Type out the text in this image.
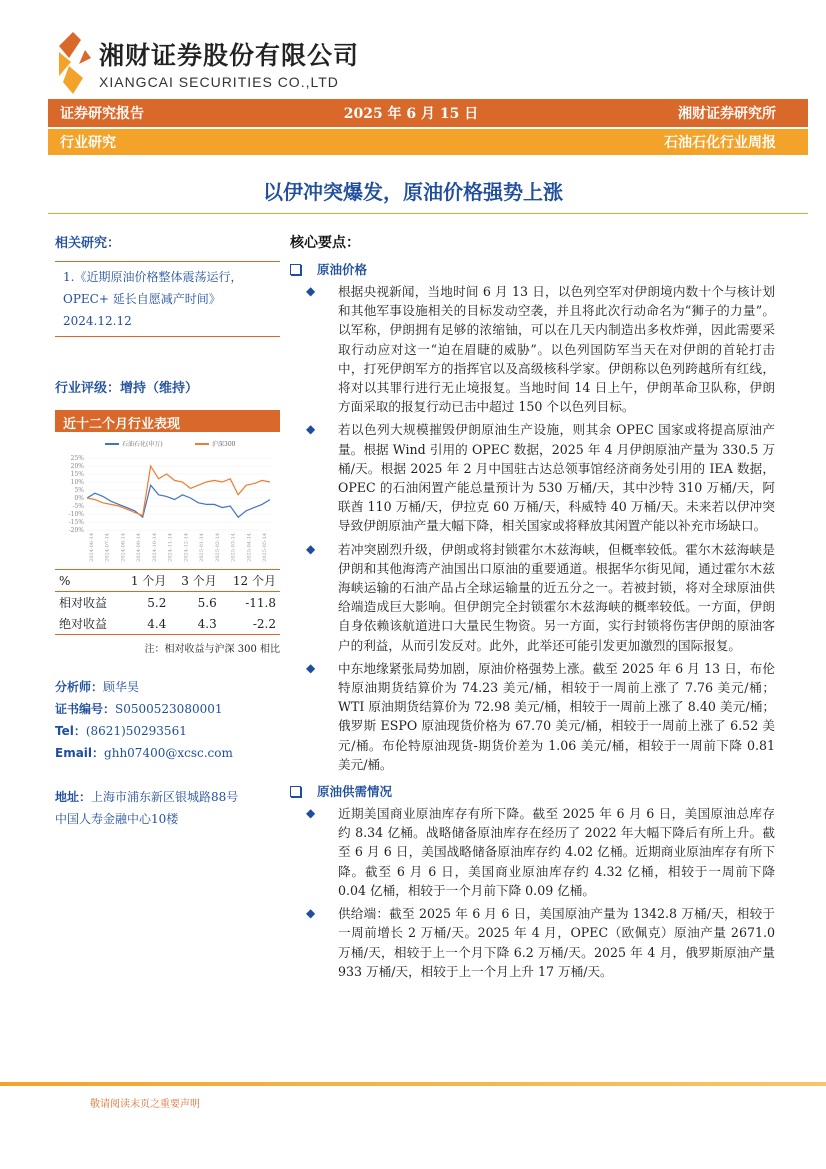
湘财证券股份有限公司
XIANGCAI SECURITIES CO.,LTD
证券研究报告	2025 年 6 月 15 日	湘财证券研究所
行业研究	石油石化行业周报
以伊冲突爆发，原油价格强势上涨
相关研究：
1.《近期原油价格整体震荡运行，OPEC+ 延长自愿减产时间》
2024.12.12
行业评级：增持（维持）
近十二个月行业表现
25%
20%
15%
10%
5%
0%
-5%
-10%
-15%
-20%
石油石化(申万)	沪深300
2024-06-14 2024-07-14 2024-08-14 2024-09-14 2024-10-14 2024-11-14 2024-12-14 2025-01-14 2025-02-14 2025-03-14 2025-04-14 2025-05-14
%	1 个月	3 个月	12 个月
相对收益	5.2	5.6	-11.8
绝对收益	4.4	4.3	-2.2
注：相对收益与沪深 300 相比
分析师：顾华昊
证书编号：S0500523080001
Tel：(8621)50293561
Email：ghh07400@xcsc.com
地址：上海市浦东新区银城路88号
中国人寿金融中心10楼
核心要点：
原油价格
◆	根据央视新闻，当地时间 6 月 13 日，以色列空军对伊朗境内数十个与核计划和其他军事设施相关的目标发动空袭，并且将此次行动命名为“狮子的力量”。以军称，伊朗拥有足够的浓缩铀，可以在几天内制造出多枚炸弹，因此需要采取行动应对这一“迫在眉睫的威胁”。以色列国防军当天在对伊朗的首轮打击中，打死伊朗军方的指挥官以及高级核科学家。伊朗称以色列跨越所有红线，将对以其罪行进行无止境报复。当地时间 14 日上午，伊朗革命卫队称，伊朗方面采取的报复行动已击中超过 150 个以色列目标。
◆	若以色列大规模摧毁伊朗原油生产设施，则其余 OPEC 国家或将提高原油产量。根据 Wind 引用的 OPEC 数据，2025 年 4 月伊朗原油产量为 330.5 万桶/天。根据 2025 年 2 月中国驻古达总领事馆经济商务处引用的 IEA 数据，OPEC 的石油闲置产能总量预计为 530 万桶/天，其中沙特 310 万桶/天，阿联酋 110 万桶/天，伊拉克 60 万桶/天，科威特 40 万桶/天。未来若以伊冲突导致伊朗原油产量大幅下降，相关国家或将释放其闲置产能以补充市场缺口。
◆	若冲突剧烈升级，伊朗或将封锁霍尔木兹海峡，但概率较低。霍尔木兹海峡是伊朗和其他海湾产油国出口原油的重要通道。根据华尔街见闻，通过霍尔木兹海峡运输的石油产品占全球运输量的近五分之一。若被封锁，将对全球原油供给端造成巨大影响。但伊朗完全封锁霍尔木兹海峡的概率较低。一方面，伊朗自身依赖该航道进口大量民生物资。另一方面，实行封锁将伤害伊朗的原油客户的利益，从而引发反对。此外，此举还可能引发更加激烈的国际报复。
◆	中东地缘紧张局势加剧，原油价格强势上涨。截至 2025 年 6 月 13 日，布伦特原油期货结算价为 74.23 美元/桶，相较于一周前上涨了 7.76 美元/桶；WTI 原油期货结算价为 72.98 美元/桶，相较于一周前上涨了 8.40 美元/桶；俄罗斯 ESPO 原油现货价格为 67.70 美元/桶，相较于一周前上涨了 6.52 美元/桶。布伦特原油现货-期货价差为 1.06 美元/桶，相较于一周前下降 0.81 美元/桶。
原油供需情况
◆	近期美国商业原油库存有所下降。截至 2025 年 6 月 6 日，美国原油总库存约 8.34 亿桶。战略储备原油库存在经历了 2022 年大幅下降后有所上升。截至 6 月 6 日，美国战略储备原油库存约 4.02 亿桶。近期商业原油库存有所下降。截至 6 月 6 日，美国商业原油库存约 4.32 亿桶，相较于一周前下降 0.04 亿桶，相较于一个月前下降 0.09 亿桶。
◆	供给端：截至 2025 年 6 月 6 日，美国原油产量为 1342.8 万桶/天，相较于一周前增长 2 万桶/天。2025 年 4 月，OPEC（欧佩克）原油产量 2671.0 万桶/天，相较于上一个月下降 6.2 万桶/天。2025 年 4 月，俄罗斯原油产量 933 万桶/天，相较于上一个月上升 17 万桶/天。
敬请阅读末页之重要声明
